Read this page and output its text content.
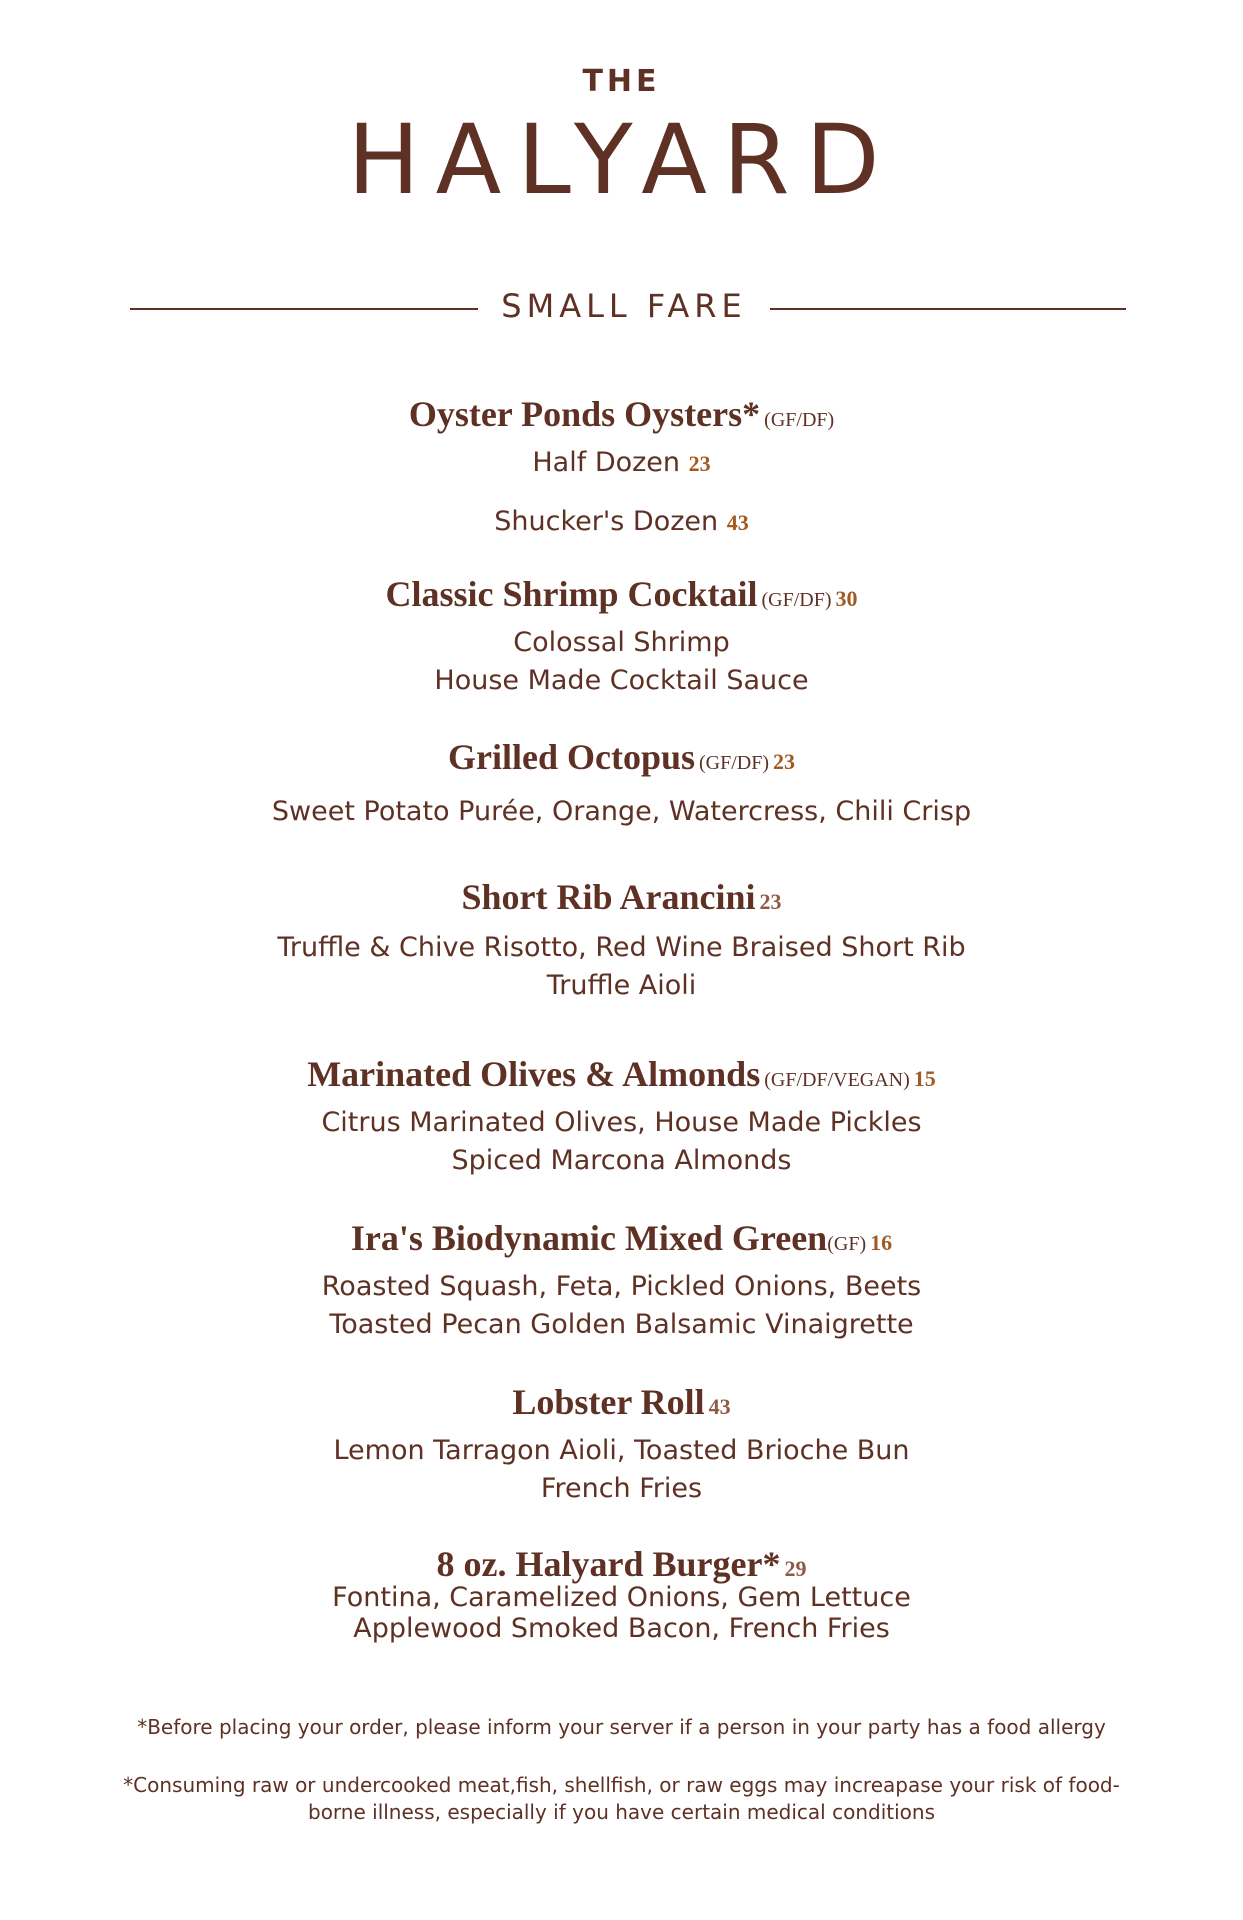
THE
HALYARD
SMALL FARE
Oyster Ponds Oysters* (GF/DF)
Half Dozen 23
Shucker's Dozen 43
Classic Shrimp Cocktail (GF/DF) 30
Colossal Shrimp
House Made Cocktail Sauce
Grilled Octopus (GF/DF) 23
Sweet Potato Purée, Orange, Watercress, Chili Crisp
Short Rib Arancini 23
Truffle & Chive Risotto, Red Wine Braised Short Rib
Truffle Aioli
Marinated Olives & Almonds (GF/DF/VEGAN) 15
Citrus Marinated Olives, House Made Pickles
Spiced Marcona Almonds
Ira's Biodynamic Mixed Green(GF) 16
Roasted Squash, Feta, Pickled Onions, Beets
Toasted Pecan Golden Balsamic Vinaigrette
Lobster Roll 43
Lemon Tarragon Aioli, Toasted Brioche Bun
French Fries
8 oz. Halyard Burger* 29
Fontina, Caramelized Onions, Gem Lettuce
Applewood Smoked Bacon, French Fries
*Before placing your order, please inform your server if a person in your party has a food allergy
*Consuming raw or undercooked meat,fish, shellfish, or raw eggs may increapase your risk of food-
borne illness, especially if you have certain medical conditions
